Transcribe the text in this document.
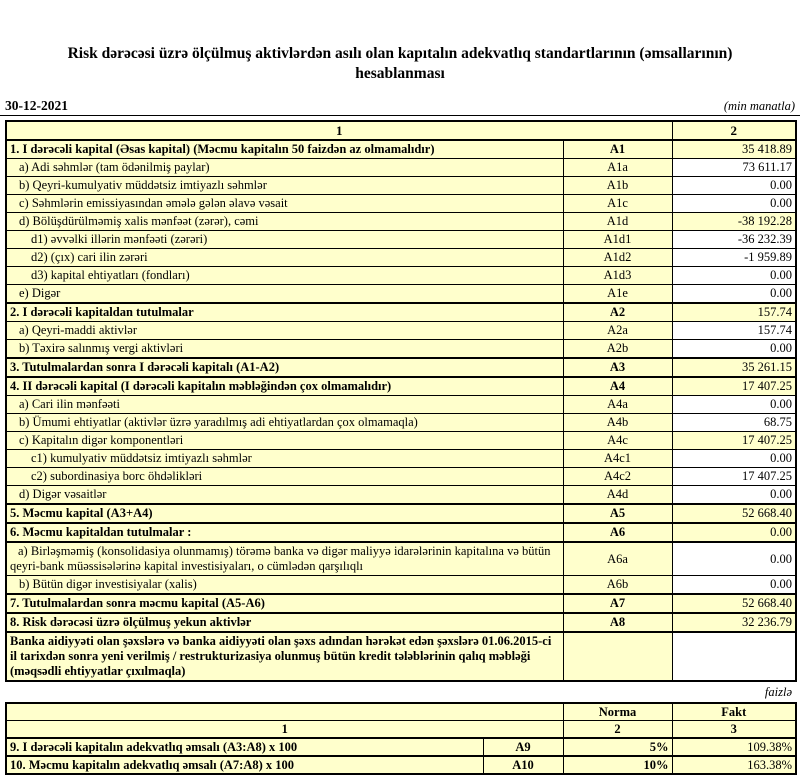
Risk dərəcəsi üzrə ölçülmuş aktivlərdən asılı olan kapıtalın adekvatlıq standartlarının (əmsallarının)
hesablanması
30-12-2021	(min manatla)
1		2
1. I dərəcəli kapital (Əsas kapital) (Məcmu kapitalın 50 faizdən az olmamalıdır)	A1	35 418.89
a) Adi səhmlər (tam ödənilmiş paylar)	A1a	73 611.17
b) Qeyri-kumulyativ müddətsiz imtiyazlı səhmlər	A1b	0.00
c) Səhmlərin emissiyasından əmələ gələn əlavə vəsait	A1c	0.00
d) Bölüşdürülməmiş xalis mənfəət (zərər), cəmi	A1d	-38 192.28
d1) əvvəlki illərin mənfəəti (zərəri)	A1d1	-36 232.39
d2) (çıx) cari ilin zərəri	A1d2	-1 959.89
d3) kapital ehtiyatları (fondları)	A1d3	0.00
e) Digər	A1e	0.00
2. I dərəcəli kapitaldan tutulmalar	A2	157.74
a) Qeyri-maddi aktivlər	A2a	157.74
b) Təxirə salınmış vergi aktivləri	A2b	0.00
3. Tutulmalardan sonra I dərəcəli kapitalı (A1-A2)	A3	35 261.15
4. II dərəcəli kapital (I dərəcəli kapitalın məbləğindən çox olmamalıdır)	A4	17 407.25
a) Cari ilin mənfəəti	A4a	0.00
b) Ümumi ehtiyatlar (aktivlər üzrə yaradılmış adi ehtiyatlardan çox olmamaqla)	A4b	68.75
c) Kapitalın digər komponentləri	A4c	17 407.25
c1) kumulyativ müddətsiz imtiyazlı səhmlər	A4c1	0.00
c2) subordinasiya borc öhdəlikləri	A4c2	17 407.25
d) Digər vəsaitlər	A4d	0.00
5. Məcmu kapital (A3+A4)	A5	52 668.40
6. Məcmu kapitaldan tutulmalar :	A6	0.00
a) Birləşməmiş (konsolidasiya olunmamış) törəmə banka və digər maliyyə idarələrinin kapitalına və bütün qeyri-bank müəssisələrinə kapital investisiyaları, o cümlədən qarşılıqlı	A6a	0.00
b) Bütün digər investisiyalar (xalis)	A6b	0.00
7. Tutulmalardan sonra məcmu kapital (A5-A6)	A7	52 668.40
8. Risk dərəcəsi üzrə ölçülmuş yekun aktivlər	A8	32 236.79
Banka aidiyyəti olan şəxslərə və banka aidiyyəti olan şəxs adından hərəkət edən şəxslərə 01.06.2015-ci il tarixdən sonra yeni verilmiş / restrukturizasiya olunmuş bütün kredit tələblərinin qalıq məbləği (məqsədli ehtiyyatlar çıxılmaqla)		
faizlə
		Norma	Fakt
1		2	3
9. I dərəcəli kapitalın adekvatlıq əmsalı (A3:A8) x 100	A9	5%	109.38%
10. Məcmu kapitalın adekvatlıq əmsalı (A7:A8) x 100	A10	10%	163.38%
